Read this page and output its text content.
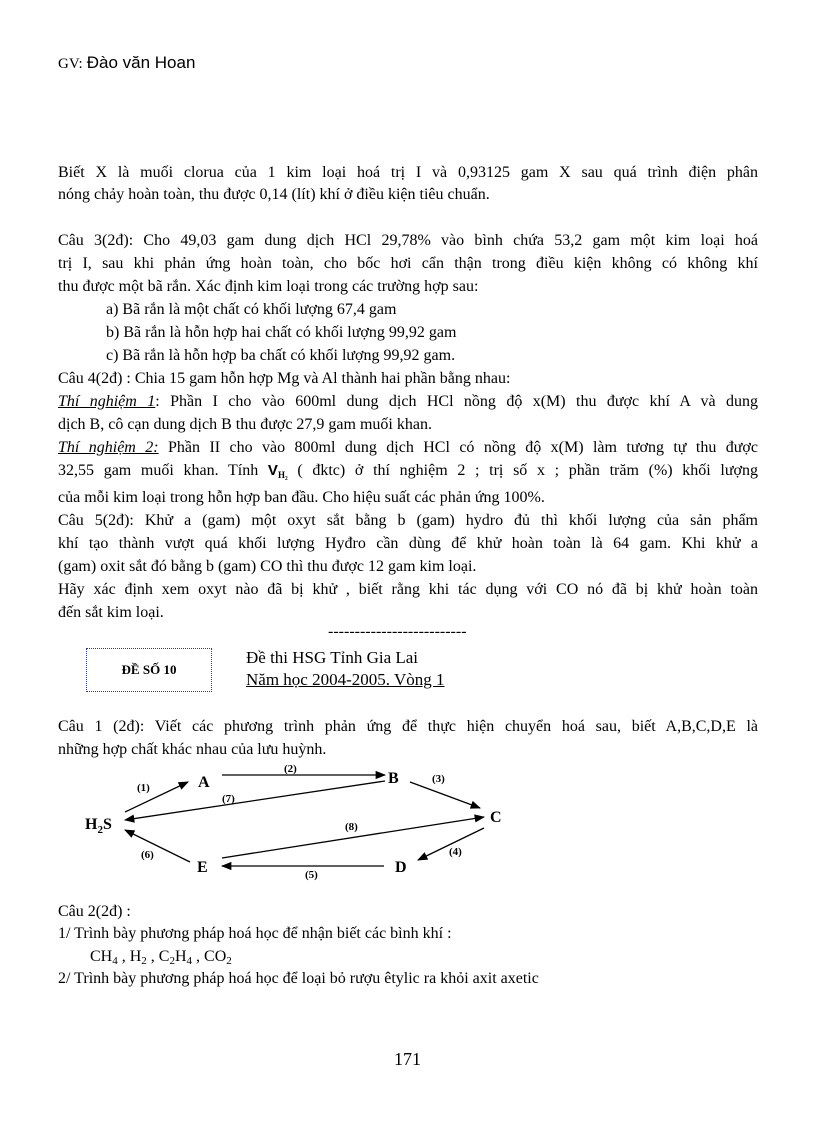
GV: Đào văn Hoan
Biết X là muối clorua của 1 kim loại hoá trị I và 0,93125 gam X sau quá trình điện phân
nóng chảy hoàn toàn, thu được 0,14 (lít) khí ở điều kiện tiêu chuẩn.
Câu 3(2đ): Cho 49,03 gam dung dịch HCl 29,78% vào bình chứa 53,2 gam một kim loại hoá
trị I, sau khi phản ứng hoàn toàn, cho bốc hơi cẩn thận trong điều kiện không có không khí
thu được một bã rắn. Xác định kim loại trong các trường hợp sau:
a) Bã rắn là một chất có khối lượng 67,4 gam
b) Bã rắn là hỗn hợp hai chất có khối lượng 99,92 gam
c) Bã rắn là hỗn hợp ba chất có khối lượng 99,92 gam.
Câu 4(2đ) : Chia 15 gam hỗn hợp Mg và Al thành hai phần bằng nhau:
Thí nghiệm 1: Phần I cho vào 600ml dung dịch HCl nồng độ x(M) thu được khí A và dung
dịch B, cô cạn dung dịch B thu được 27,9 gam muối khan.
Thí nghiệm 2: Phần II cho vào 800ml dung dịch HCl có nồng độ x(M) làm tương tự thu được
32,55 gam muối khan. Tính $V_{H_2}$ ( đktc) ở thí nghiệm 2 ; trị số x ; phần trăm (%) khối lượng
của mỗi kim loại trong hỗn hợp ban đầu. Cho hiệu suất các phản ứng 100%.
Câu 5(2đ): Khử a (gam) một oxyt sắt bằng b (gam) hydro đủ thì khối lượng của sản phẩm
khí tạo thành vượt quá khối lượng Hyđro cần dùng để khử hoàn toàn là 64 gam. Khi khử a
(gam) oxit sắt đó bằng b (gam) CO thì thu được 12 gam kim loại.
Hãy xác định xem oxyt nào đã bị khử , biết rằng khi tác dụng với CO nó đã bị khử hoàn toàn
đến sắt kim loại.
--------------------------
ĐỀ SỐ 10
Đề thi HSG Tỉnh Gia Lai
Năm học 2004-2005. Vòng 1
Câu 1 (2đ): Viết các phương trình phản ứng để thực hiện chuyển hoá sau, biết A,B,C,D,E là
những hợp chất khác nhau của lưu huỳnh.
$H_2S$
A	B
C
D
E
(1)
(2)
(3)
(4)
(5)
(6)
(7)
(8)
Câu 2(2đ) :
1/ Trình bày phương pháp hoá học để nhận biết các bình khí :
$CH_4$ , $H_2$ , $C_2H_4$ , $CO_2$
2/ Trình bày phương pháp hoá học để loại bỏ rượu êtylic ra khỏi axit axetic
171
